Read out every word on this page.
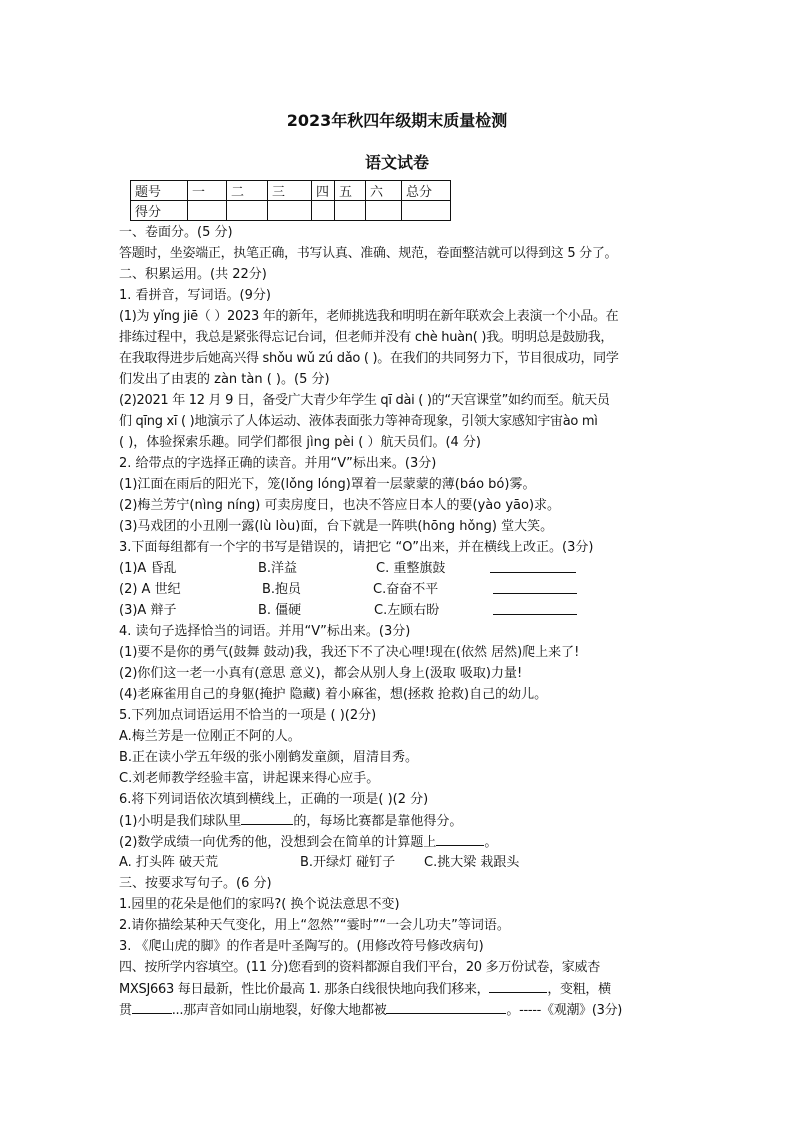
2023年秋四年级期末质量检测
语文试卷
题号	一	二	三	四	五	六	总分
得分							
一、卷面分。(5 分)
答题时，坐姿端正，执笔正确，书写认真、准确、规范，卷面整洁就可以得到这 5 分了。
二、积累运用。(共 22分)
1. 看拼音，写词语。(9分)
(1)为 yǐng jiē（ ）2023 年的新年，老师挑选我和明明在新年联欢会上表演一个小品。在
排练过程中，我总是紧张得忘记台词，但老师并没有 chè huàn( )我。明明总是鼓励我，
在我取得进步后她高兴得 shǒu wǔ zú dǎo ( )。在我们的共同努力下，节目很成功，同学
们发出了由衷的 zàn tàn ( )。(5 分)
(2)2021 年 12 月 9 日，备受广大青少年学生 qī dài ( )的“天宫课堂”如约而至。航天员
们 qīng xī ( )地演示了人体运动、液体表面张力等神奇现象，引领大家感知宇宙ào mì
( )，体验探索乐趣。同学们都很 jìng pèi ( ）航天员们。(4 分)
2. 给带点的字选择正确的读音。并用“V”标出来。(3分)
(1)江面在雨后的阳光下，笼(lǒng lóng)罩着一层蒙蒙的薄(báo bó)雾。
(2)梅兰芳宁(nìng níng) 可卖房度日，也决不答应日本人的要(yào yāo)求。
(3)马戏团的小丑刚一露(lù lòu)面，台下就是一阵哄(hōng hǒng) 堂大笑。
3.下面每组都有一个字的书写是错误的，请把它 “O”出来，并在横线上改正。(3分)
(1)A 昏乱	B.洋益	C. 重整旗鼓
(2) A 世纪	B.抱员	C.奋奋不平
(3)A 辩子	B. 僵硬	C.左顾右盼
4. 读句子选择恰当的词语。并用“V”标出来。(3分)
(1)要不是你的勇气(鼓舞 鼓动)我，我还下不了决心哩!现在(依然 居然)爬上来了!
(2)你们这一老一小真有(意思 意义)，都会从别人身上(汲取 吸取)力量!
(4)老麻雀用自己的身躯(掩护 隐藏) 着小麻雀，想(拯救 抢救)自己的幼儿。
5.下列加点词语运用不恰当的一项是 ( )(2分)
A.梅兰芳是一位刚正不阿的人。
B.正在读小学五年级的张小刚鹤发童颜，眉清目秀。
C.刘老师教学经验丰富，讲起课来得心应手。
6.将下列词语依次填到横线上，正确的一项是( )(2 分)
(1)小明是我们球队里	的，每场比赛都是靠他得分。
(2)数学成绩一向优秀的他，没想到会在简单的计算题上	。
A. 打头阵 破天荒	B.开绿灯 碰钉子 C.挑大梁 栽跟头
三、按要求写句子。(6 分)
1.园里的花朵是他们的家吗?( 换个说法意思不变)
2.请你描绘某种天气变化，用上“忽然”“霎时”“一会儿功夫”等词语。
3. 《爬山虎的脚》的作者是叶圣陶写的。(用修改符号修改病句)
四、按所学内容填空。(11 分)您看到的资料都源自我们平台，20 多万份试卷，家威杏
MXSJ663 每日最新，性比价最高 1. 那条白线很快地向我们移来，	，变粗，横
贯	...那声音如同山崩地裂，好像大地都被	。-----《观潮》(3分)
